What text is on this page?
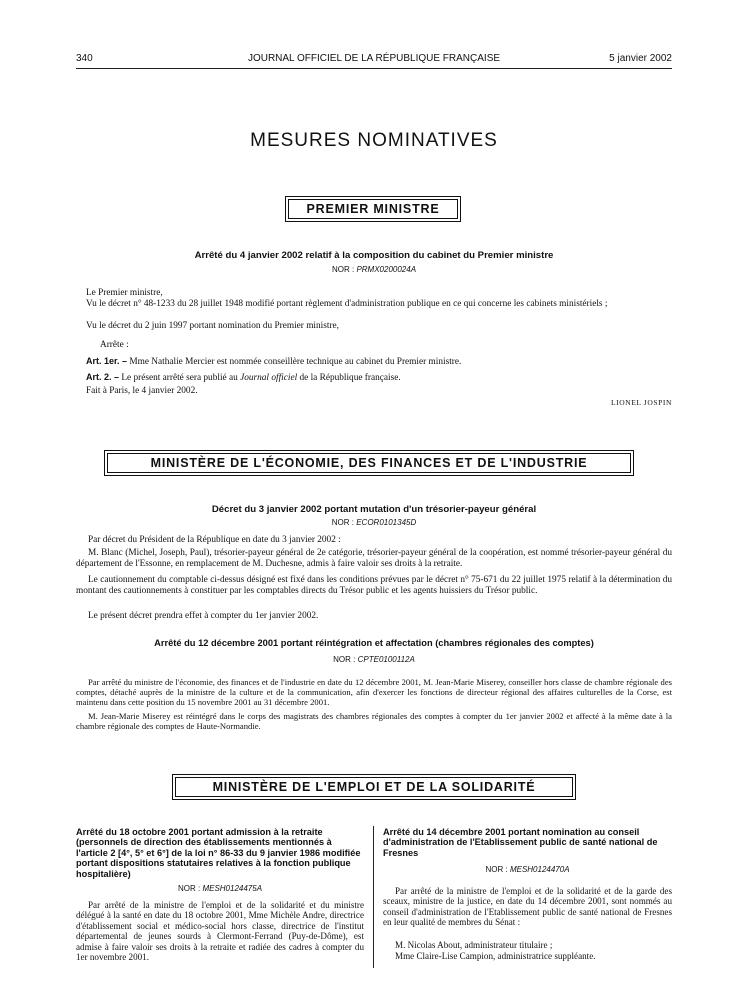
340	JOURNAL OFFICIEL DE LA RÉPUBLIQUE FRANÇAISE	5 janvier 2002
MESURES NOMINATIVES
PREMIER MINISTRE
Arrêté du 4 janvier 2002 relatif à la composition du cabinet du Premier ministre
NOR : PRMX0200024A
Le Premier ministre,
Vu le décret n° 48-1233 du 28 juillet 1948 modifié portant règlement d'administration publique en ce qui concerne les cabinets ministériels ;
Vu le décret du 2 juin 1997 portant nomination du Premier ministre,
Arrête :
Art. 1er. – Mme Nathalie Mercier est nommée conseillère technique au cabinet du Premier ministre.
Art. 2. – Le présent arrêté sera publié au Journal officiel de la République française.
Fait à Paris, le 4 janvier 2002.
LIONEL JOSPIN
MINISTÈRE DE L'ÉCONOMIE, DES FINANCES ET DE L'INDUSTRIE
Décret du 3 janvier 2002 portant mutation d'un trésorier-payeur général
NOR : ECOR0101345D
Par décret du Président de la République en date du 3 janvier 2002 :
M. Blanc (Michel, Joseph, Paul), trésorier-payeur général de 2e catégorie, trésorier-payeur général de la coopération, est nommé trésorier-payeur général du département de l'Essonne, en remplacement de M. Duchesne, admis à faire valoir ses droits à la retraite.
Le cautionnement du comptable ci-dessus désigné est fixé dans les conditions prévues par le décret n° 75-671 du 22 juillet 1975 relatif à la détermination du montant des cautionnements à constituer par les comptables directs du Trésor public et les agents huissiers du Trésor public.
Le présent décret prendra effet à compter du 1er janvier 2002.
Arrêté du 12 décembre 2001 portant réintégration et affectation (chambres régionales des comptes)
NOR : CPTE0100112A
Par arrêté du ministre de l'économie, des finances et de l'industrie en date du 12 décembre 2001, M. Jean-Marie Miserey, conseiller hors classe de chambre régionale des comptes, détaché auprès de la ministre de la culture et de la communication, afin d'exercer les fonctions de directeur régional des affaires culturelles de la Corse, est maintenu dans cette position du 15 novembre 2001 au 31 décembre 2001.
M. Jean-Marie Miserey est réintégré dans le corps des magistrats des chambres régionales des comptes à compter du 1er janvier 2002 et affecté à la même date à la chambre régionale des comptes de Haute-Normandie.
MINISTÈRE DE L'EMPLOI ET DE LA SOLIDARITÉ
Arrêté du 18 octobre 2001 portant admission à la retraite (personnels de direction des établissements mentionnés à l'article 2 [4°, 5° et 6°] de la loi n° 86-33 du 9 janvier 1986 modifiée portant dispositions statutaires relatives à la fonction publique hospitalière)
NOR : MESH0124475A
Par arrêté de la ministre de l'emploi et de la solidarité et du ministre délégué à la santé en date du 18 octobre 2001, Mme Michèle Andre, directrice d'établissement social et médico-social hors classe, directrice de l'institut départemental de jeunes sourds à Clermont-Ferrand (Puy-de-Dôme), est admise à faire valoir ses droits à la retraite et radiée des cadres à compter du 1er novembre 2001.
Arrêté du 14 décembre 2001 portant nomination au conseil d'administration de l'Etablissement public de santé national de Fresnes
NOR : MESH0124470A
Par arrêté de la ministre de l'emploi et de la solidarité et de la garde des sceaux, ministre de la justice, en date du 14 décembre 2001, sont nommés au conseil d'administration de l'Etablissement public de santé national de Fresnes en leur qualité de membres du Sénat :
M. Nicolas About, administrateur titulaire ;
Mme Claire-Lise Campion, administratrice suppléante.
